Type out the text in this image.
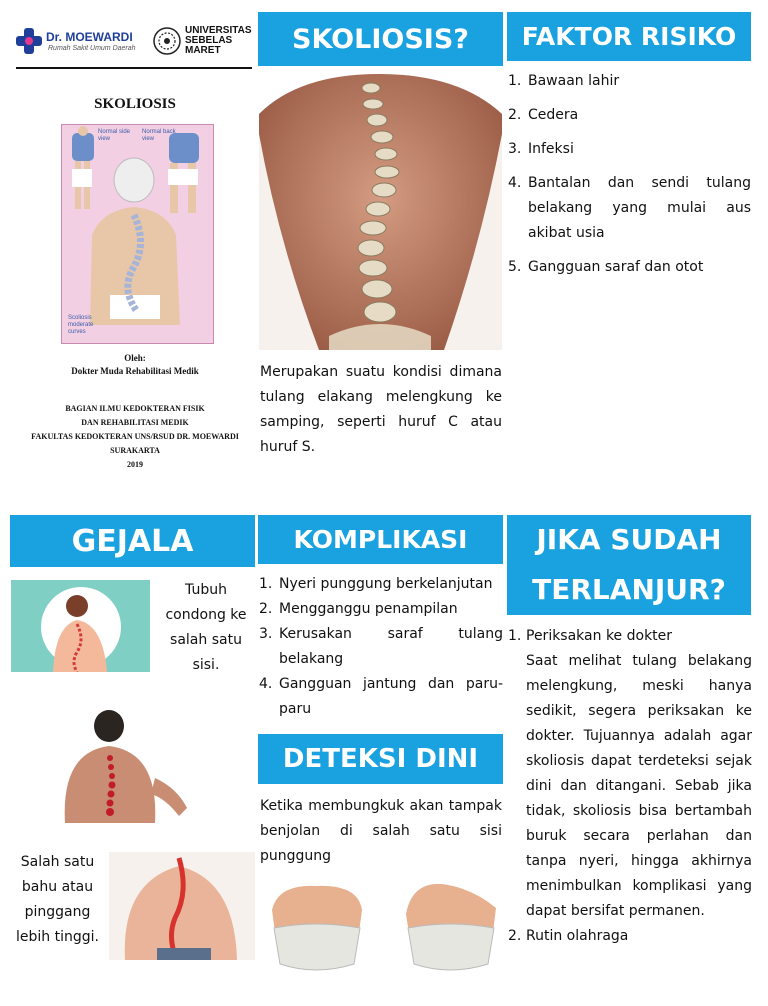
Dr. MOEWARDI
Rumah Sakit Umum Daerah
UNIVERSITAS
SEBELAS
MARET
SKOLIOSIS
Normal side view
Normal back view
Scoliosis moderate curves
Oleh:
Dokter Muda Rehabilitasi Medik
BAGIAN ILMU KEDOKTERAN FISIK
DAN REHABILITASI MEDIK
FAKULTAS KEDOKTERAN UNS/RSUD DR. MOEWARDI
SURAKARTA
2019
SKOLIOSIS?
Merupakan suatu kondisi dimana tulang elakang melengkung ke samping, seperti huruf C atau huruf S.
FAKTOR RISIKO
1. Bawaan lahir
2. Cedera
3. Infeksi
4. Bantalan dan sendi tulang belakang yang mulai aus akibat usia
5. Gangguan saraf dan otot
GEJALA
Tubuh condong ke salah satu sisi.
Salah satu bahu atau pinggang lebih tinggi.
KOMPLIKASI
1. Nyeri punggung berkelanjutan
2. Mengganggu penampilan
3. Kerusakan saraf tulang belakang
4. Gangguan jantung dan paru-paru
DETEKSI DINI
Ketika membungkuk akan tampak benjolan di salah satu sisi punggung
JIKA SUDAH
TERLANJUR?
1. Periksakan ke dokter
Saat melihat tulang belakang melengkung, meski hanya sedikit, segera periksakan ke dokter. Tujuannya adalah agar skoliosis dapat terdeteksi sejak dini dan ditangani. Sebab jika tidak, skoliosis bisa bertambah buruk secara perlahan dan tanpa nyeri, hingga akhirnya menimbulkan komplikasi yang dapat bersifat permanen.
2. Rutin olahraga
